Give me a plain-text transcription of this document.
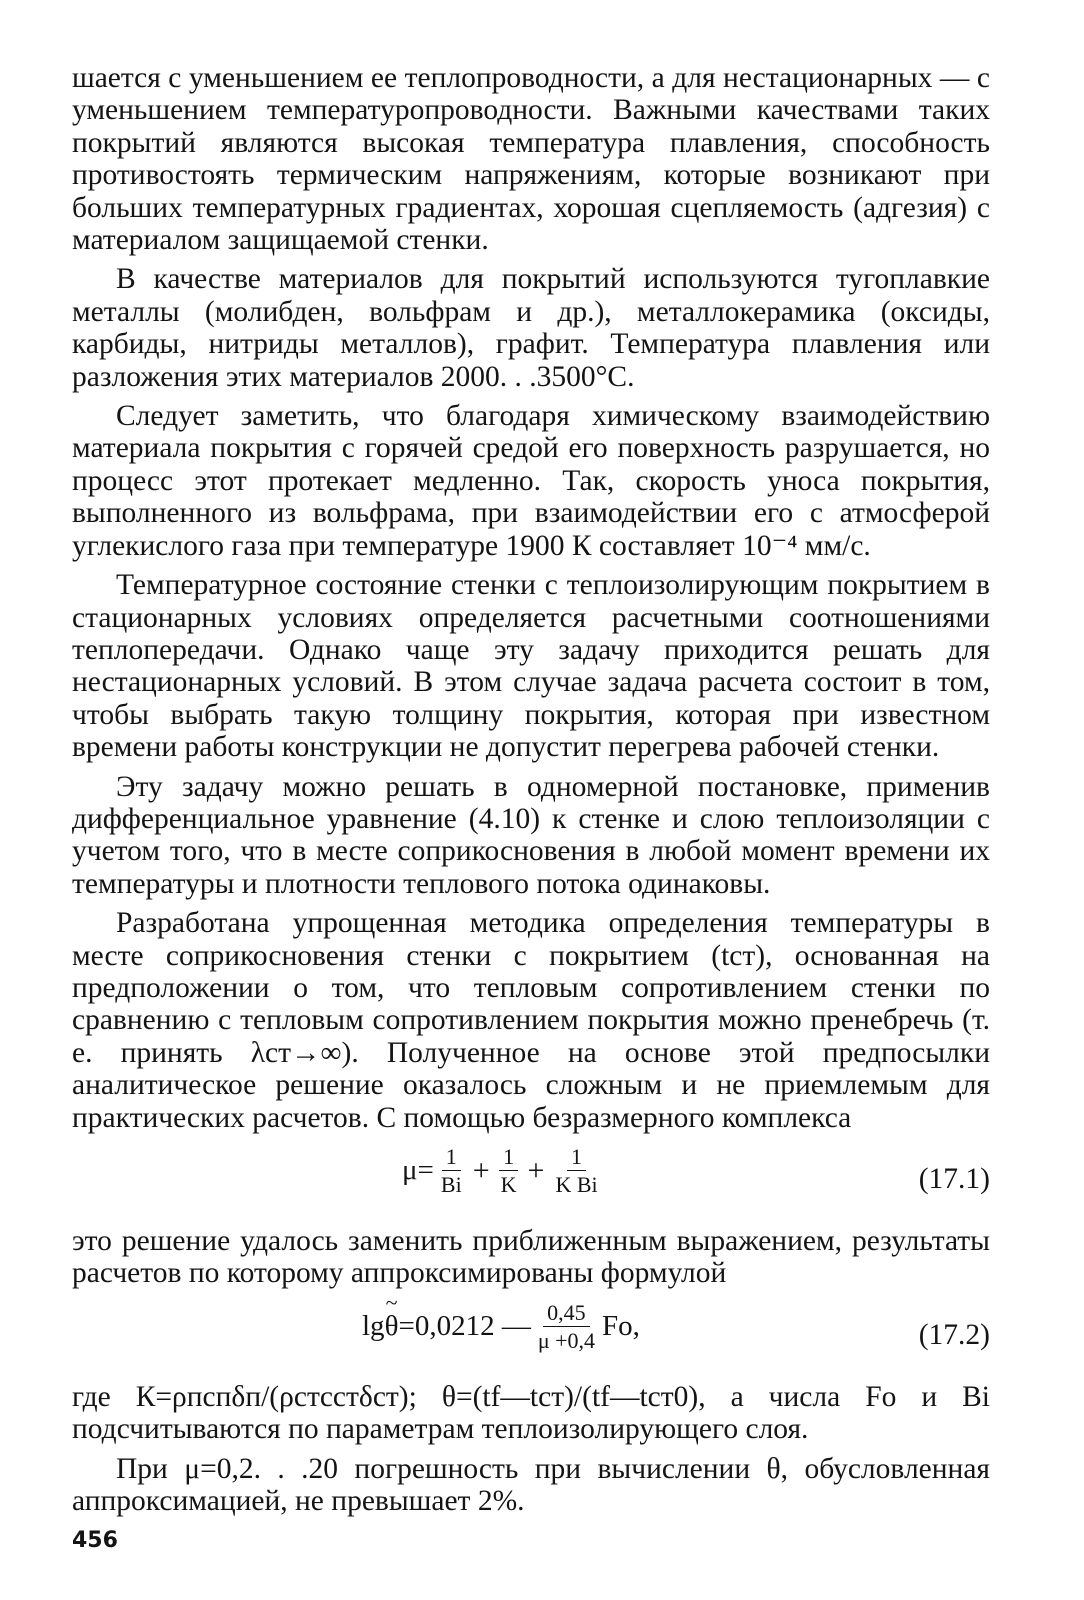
шается с уменьшением ее теплопроводности, а для нестационарных — с уменьшением температуропроводности. Важными качествами таких покрытий являются высокая температура плавления, способность противостоять термическим напряжениям, которые возникают при больших температурных градиентах, хорошая сцепляемость (адгезия) с материалом защищаемой стенки.

В качестве материалов для покрытий используются тугоплавкие металлы (молибден, вольфрам и др.), металлокерамика (оксиды, карбиды, нитриды металлов), графит. Температура плавления или разложения этих материалов 2000. . .3500°C.

Следует заметить, что благодаря химическому взаимодействию материала покрытия с горячей средой его поверхность разрушается, но процесс этот протекает медленно. Так, скорость уноса покрытия, выполненного из вольфрама, при взаимодействии его с атмосферой углекислого газа при температуре 1900 К составляет 10⁻⁴ мм/с.

Температурное состояние стенки с теплоизолирующим покрытием в стационарных условиях определяется расчетными соотношениями теплопередачи. Однако чаще эту задачу приходится решать для нестационарных условий. В этом случае задача расчета состоит в том, чтобы выбрать такую толщину покрытия, которая при известном времени работы конструкции не допустит перегрева рабочей стенки.

Эту задачу можно решать в одномерной постановке, применив дифференциальное уравнение (4.10) к стенке и слою теплоизоляции с учетом того, что в месте соприкосновения в любой момент времени их температуры и плотности теплового потока одинаковы.

Разработана упрощенная методика определения температуры в месте соприкосновения стенки с покрытием (tст), основанная на предположении о том, что тепловым сопротивлением стенки по сравнению с тепловым сопротивлением покрытия можно пренебречь (т. е. принять λст→∞). Полученное на основе этой предпосылки аналитическое решение оказалось сложным и не приемлемым для практических расчетов. С помощью безразмерного комплекса

$\mu= \frac{1}{Bi} + \frac{1}{K} + \frac{1}{\text{K Bi}}$	(17.1)

это решение удалось заменить приближенным выражением, результаты расчетов по которому аппроксимированы формулой

lg
~ θ =0,0212 — $\frac{0,45}{\mu +0,4} Fo$,	(17.2)

где К=ρпcпδп/(ρстcстδст); θ=(tf—tст)/(tf—tст0), а числа Fo и Bi подсчитываются по параметрам теплоизолирующего слоя.

При μ=0,2. . .20 погрешность при вычислении θ, обусловленная аппроксимацией, не превышает 2%.

456
